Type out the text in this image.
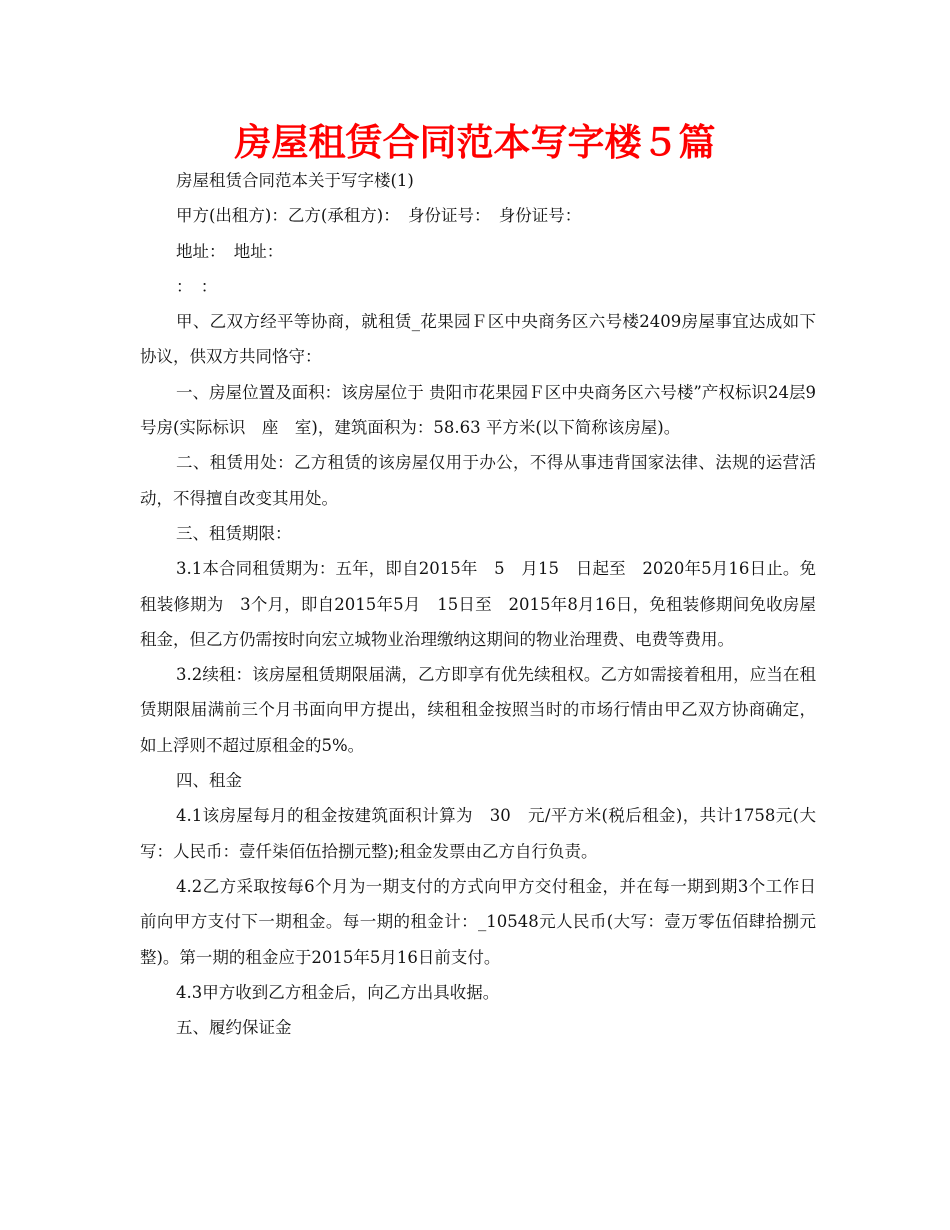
房屋租赁合同范本写字楼５篇

房屋租赁合同范本关于写字楼(1)

甲方(出租方)：乙方(承租方)：　身份证号：　身份证号：

地址：　地址：

：　：

甲、乙双方经平等协商，就租赁_花果园Ｆ区中央商务区六号楼2409房屋事宜达成如下协议，供双方共同恪守：

一、房屋位置及面积：该房屋位于 贵阳市花果园Ｆ区中央商务区六号楼”产权标识24层9号房(实际标识　座　室)，建筑面积为：58.63 平方米(以下简称该房屋)。

二、租赁用处：乙方租赁的该房屋仅用于办公，不得从事违背国家法律、法规的运营活动，不得擅自改变其用处。

三、租赁期限：

3.1本合同租赁期为：五年，即自2015年　5　月15　日起至　2020年5月16日止。免租装修期为　3个月，即自2015年5月　15日至　2015年8月16日，免租装修期间免收房屋租金，但乙方仍需按时向宏立城物业治理缴纳这期间的物业治理费、电费等费用。

3.2续租：该房屋租赁期限届满，乙方即享有优先续租权。乙方如需接着租用，应当在租赁期限届满前三个月书面向甲方提出，续租租金按照当时的市场行情由甲乙双方协商确定，如上浮则不超过原租金的5%。

四、租金

4.1该房屋每月的租金按建筑面积计算为　30　元/平方米(税后租金)，共计1758元(大写：人民币：壹仟柒佰伍拾捌元整);租金发票由乙方自行负责。

4.2乙方采取按每6个月为一期支付的方式向甲方交付租金，并在每一期到期3个工作日前向甲方支付下一期租金。每一期的租金计：_10548元人民币(大写：壹万零伍佰肆拾捌元整)。第一期的租金应于2015年5月16日前支付。

4.3甲方收到乙方租金后，向乙方出具收据。

五、履约保证金
